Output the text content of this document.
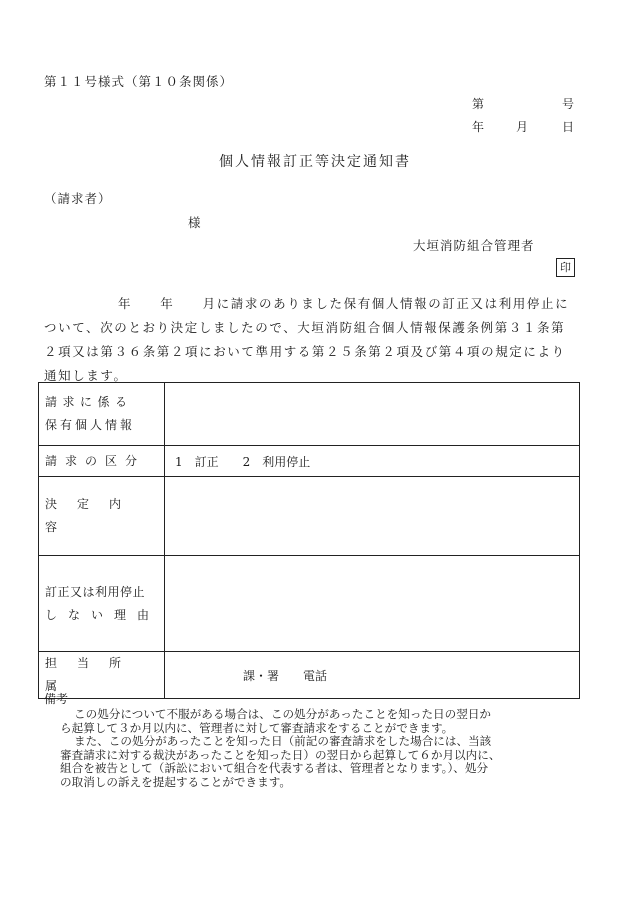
第１１号様式（第１０条関係）
第	号
年	月	日
個人情報訂正等決定通知書
（請求者）
様
大垣消防組合管理者
印
年　　年　　月に請求のありました保有個人情報の訂正又は利用停止に
ついて、次のとおり決定しましたので、大垣消防組合個人情報保護条例第３１条第
２項又は第３６条第２項において準用する第２５条第２項及び第４項の規定により
通知します。
請求に係る
保有個人情報	

請求の区分	1　訂正　　2　利用停止
決定内容	

訂正又は利用停止
しない理由	

担当所属	課・署　　電話
備考
この処分について不服がある場合は、この処分があったことを知った日の翌日か
ら起算して３か月以内に、管理者に対して審査請求をすることができます。
また、この処分があったことを知った日（前記の審査請求をした場合には、当該
審査請求に対する裁決があったことを知った日）の翌日から起算して６か月以内に、
組合を被告として（訴訟において組合を代表する者は、管理者となります。）、処分
の取消しの訴えを提起することができます。
